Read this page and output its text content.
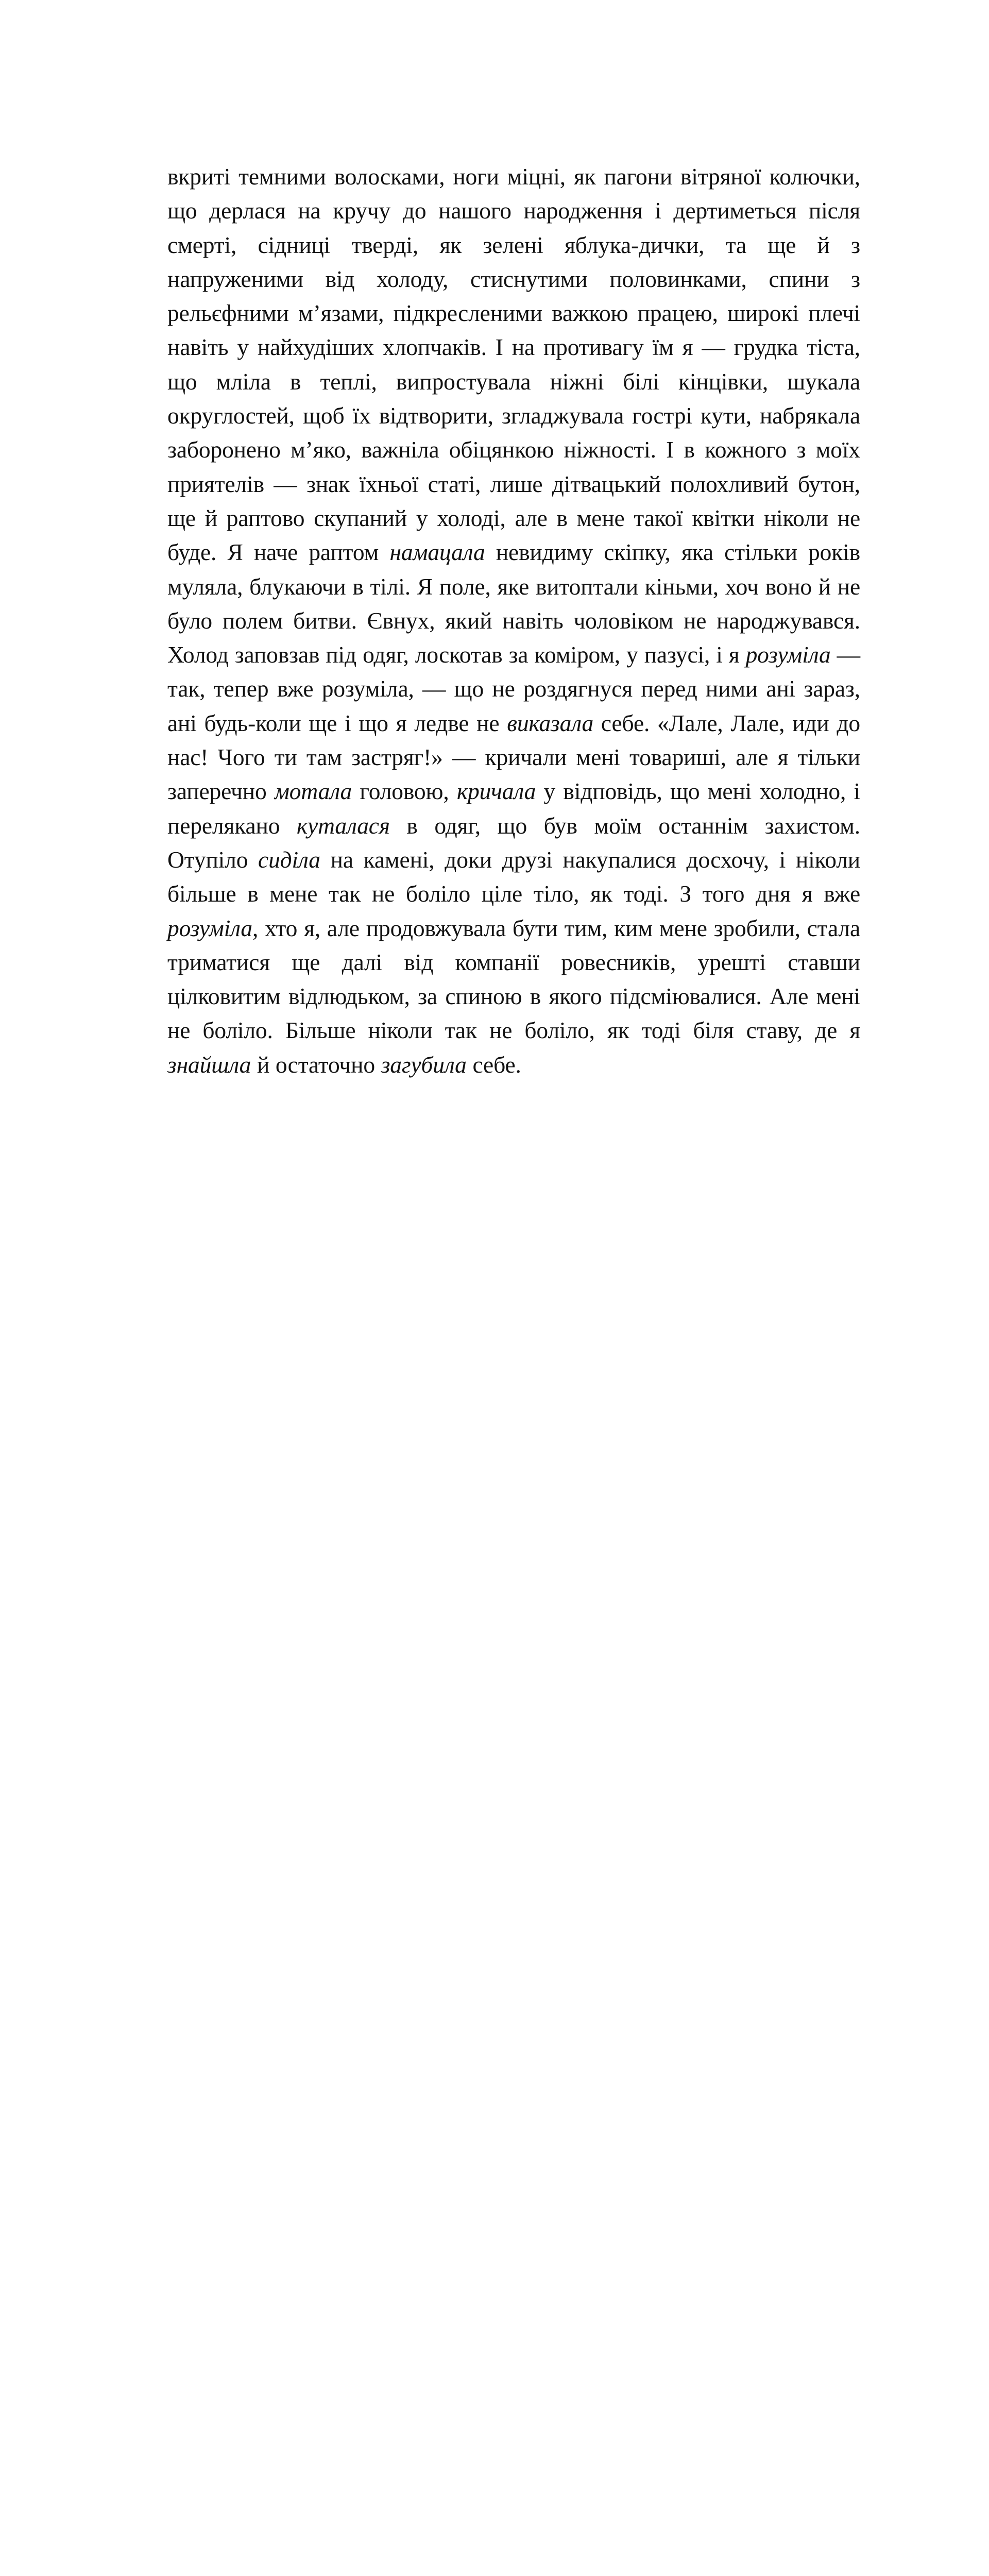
вкриті темними волосками, ноги міцні, як пагони вітряної колючки, що дерлася на кручу до нашого народження і дертиметься після смерті, сідниці тверді, як зелені яблука-дички, та ще й з напруженими від холоду, стиснутими половинками, спини з рельєфними м’язами, підкресленими важкою працею, широкі плечі навіть у найхудіших хлопчаків. І на противагу їм я — грудка тіста, що мліла в теплі, випростувала ніжні білі кінцівки, шукала округлостей, щоб їх відтворити, згладжувала гострі кути, набрякала заборонено м’яко, важніла обіцянкою ніжності. І в кожного з моїх приятелів — знак їхньої статі, лише дітвацький полохливий бутон, ще й раптово скупаний у холоді, але в мене такої квітки ніколи не буде. Я наче раптом намацала невидиму скіпку, яка стільки років муляла, блукаючи в тілі. Я поле, яке витоптали кіньми, хоч воно й не було полем битви. Євнух, який навіть чоловіком не народжувався. Холод заповзав під одяг, лоскотав за коміром, у пазусі, і я розуміла — так, тепер вже розуміла, — що не роздягнуся перед ними ані зараз, ані будь-коли ще і що я ледве не виказала себе. «Лале, Лале, иди до нас! Чого ти там застряг!» — кричали мені товариші, але я тільки заперечно мотала головою, кричала у відповідь, що мені холодно, і перелякано куталася в одяг, що був моїм останнім захистом. Отупіло сиділа на камені, доки друзі накупалися досхочу, і ніколи більше в мене так не боліло ціле тіло, як тоді. З того дня я вже розуміла, хто я, але продовжувала бути тим, ким мене зробили, стала триматися ще далі від компанії ровесників, урешті ставши цілковитим відлюдьком, за спиною в якого підсміювалися. Але мені не боліло. Більше ніколи так не боліло, як тоді біля ставу, де я знайшла й остаточно загубила себе.
